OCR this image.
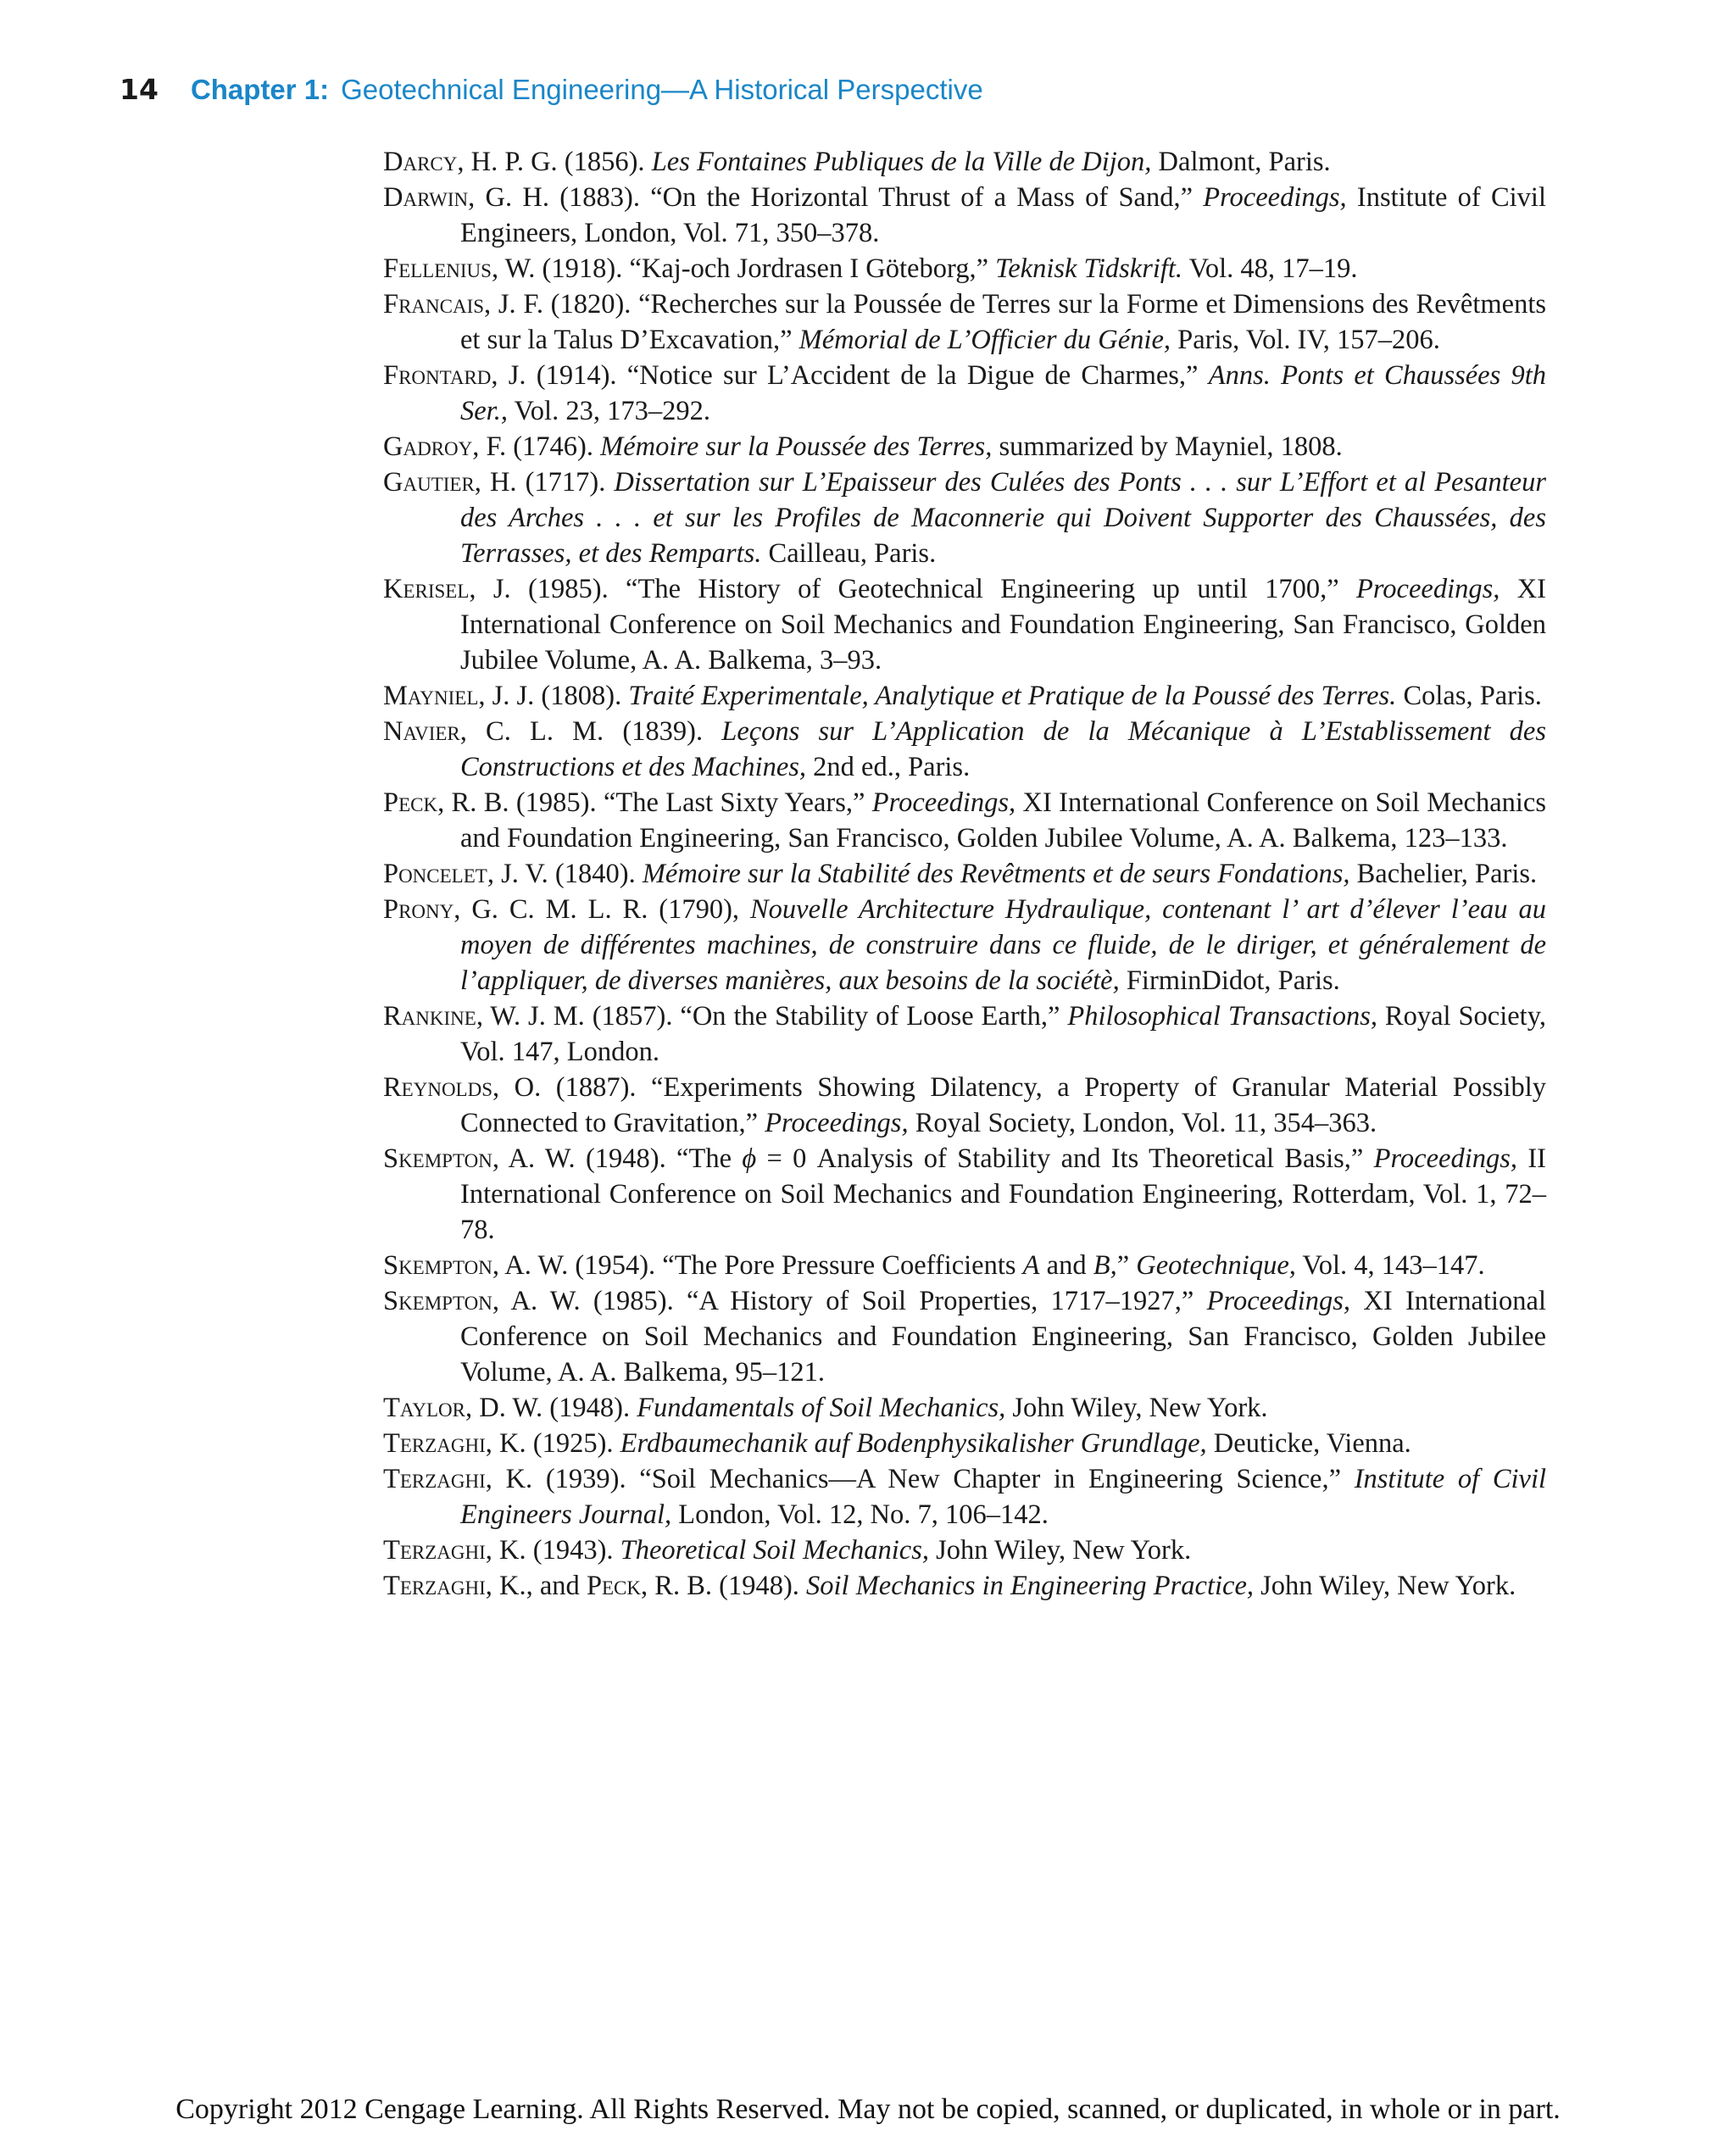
14 Chapter 1: Geotechnical Engineering—A Historical Perspective

Darcy, H. P. G. (1856). Les Fontaines Publiques de la Ville de Dijon, Dalmont, Paris.

Darwin, G. H. (1883). “On the Horizontal Thrust of a Mass of Sand,” Proceedings, Institute of Civil Engineers, London, Vol. 71, 350–378.

Fellenius, W. (1918). “Kaj-och Jordrasen I Göteborg,” Teknisk Tidskrift. Vol. 48, 17–19.

Francais, J. F. (1820). “Recherches sur la Poussée de Terres sur la Forme et Dimensions des Revêtments et sur la Talus D’Excavation,” Mémorial de L’Officier du Génie, Paris, Vol. IV, 157–206.

Frontard, J. (1914). “Notice sur L’Accident de la Digue de Charmes,” Anns. Ponts et Chaussées 9th Ser., Vol. 23, 173–292.

Gadroy, F. (1746). Mémoire sur la Poussée des Terres, summarized by Mayniel, 1808.

Gautier, H. (1717). Dissertation sur L’Epaisseur des Culées des Ponts . . . sur L’Effort et al Pesanteur des Arches . . . et sur les Profiles de Maconnerie qui Doivent Supporter des Chaussées, des Terrasses, et des Remparts. Cailleau, Paris.

Kerisel, J. (1985). “The History of Geotechnical Engineering up until 1700,” Proceedings, XI International Conference on Soil Mechanics and Foundation Engineering, San Francisco, Golden Jubilee Volume, A. A. Balkema, 3–93.

Mayniel, J. J. (1808). Traité Experimentale, Analytique et Pratique de la Poussé des Terres. Colas, Paris.

Navier, C. L. M. (1839). Leçons sur L’Application de la Mécanique à L’Establissement des Constructions et des Machines, 2nd ed., Paris.

Peck, R. B. (1985). “The Last Sixty Years,” Proceedings, XI International Conference on Soil Mechanics and Foundation Engineering, San Francisco, Golden Jubilee Volume, A. A. Balkema, 123–133.

Poncelet, J. V. (1840). Mémoire sur la Stabilité des Revêtments et de seurs Fondations, Bachelier, Paris.

Prony, G. C. M. L. R. (1790), Nouvelle Architecture Hydraulique, contenant l’ art d’élever l’eau au moyen de différentes machines, de construire dans ce fluide, de le diriger, et généralement de l’appliquer, de diverses manières, aux besoins de la sociétè, FirminDidot, Paris.

Rankine, W. J. M. (1857). “On the Stability of Loose Earth,” Philosophical Transactions, Royal Society, Vol. 147, London.

Reynolds, O. (1887). “Experiments Showing Dilatency, a Property of Granular Material Possibly Connected to Gravitation,” Proceedings, Royal Society, London, Vol. 11, 354–363.

Skempton, A. W. (1948). “The ϕ = 0 Analysis of Stability and Its Theoretical Basis,” Proceedings, II International Conference on Soil Mechanics and Foundation Engineering, Rotterdam, Vol. 1, 72–78.

Skempton, A. W. (1954). “The Pore Pressure Coefficients A and B,” Geotechnique, Vol. 4, 143–147.

Skempton, A. W. (1985). “A History of Soil Properties, 1717–1927,” Proceedings, XI International Conference on Soil Mechanics and Foundation Engineering, San Francisco, Golden Jubilee Volume, A. A. Balkema, 95–121.

Taylor, D. W. (1948). Fundamentals of Soil Mechanics, John Wiley, New York.

Terzaghi, K. (1925). Erdbaumechanik auf Bodenphysikalisher Grundlage, Deuticke, Vienna.

Terzaghi, K. (1939). “Soil Mechanics—A New Chapter in Engineering Science,” Institute of Civil Engineers Journal, London, Vol. 12, No. 7, 106–142.

Terzaghi, K. (1943). Theoretical Soil Mechanics, John Wiley, New York.

Terzaghi, K., and Peck, R. B. (1948). Soil Mechanics in Engineering Practice, John Wiley, New York.

Copyright 2012 Cengage Learning. All Rights Reserved. May not be copied, scanned, or duplicated, in whole or in part.
